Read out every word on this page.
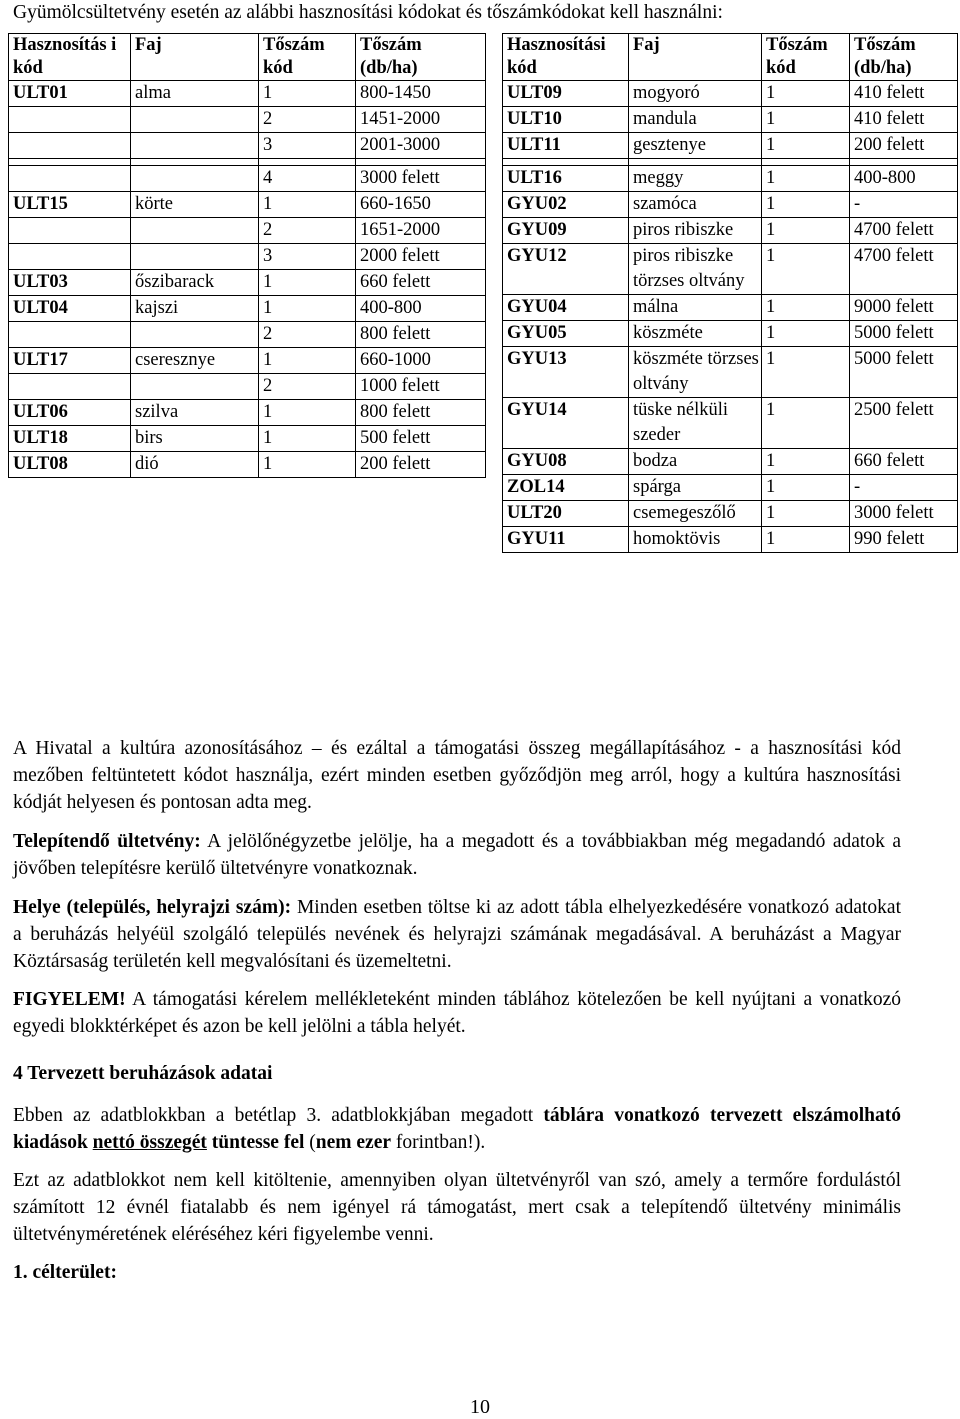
Gyümölcsültetvény esetén az alábbi hasznosítási kódokat és tőszámkódokat kell használni:
Hasznosítás i kód	Faj	Tőszám kód	Tőszám (db/ha)
ULT01	alma	1	800-1450
		2	1451-2000
		3	2001-3000

		4	3000 felett
ULT15	körte	1	660-1650
		2	1651-2000
		3	2000 felett
ULT03	őszibarack	1	660 felett
ULT04	kajszi	1	400-800
		2	800 felett
ULT17	cseresznye	1	660-1000
		2	1000 felett
ULT06	szilva	1	800 felett
ULT18	birs	1	500 felett
ULT08	dió	1	200 felett
Hasznosítási kód	Faj	Tőszám kód	Tőszám (db/ha)
ULT09	mogyoró	1	410 felett
ULT10	mandula	1	410 felett
ULT11	gesztenye	1	200 felett

ULT16	meggy	1	400-800
GYU02	szamóca	1	-
GYU09	piros ribiszke	1	4700 felett
GYU12	piros ribiszke törzses oltvány	1	4700 felett
GYU04	málna	1	9000 felett
GYU05	köszméte	1	5000 felett
GYU13	köszméte törzses oltvány	1	5000 felett
GYU14	tüske nélküli szeder	1	2500 felett
GYU08	bodza	1	660 felett
ZOL14	spárga	1	-
ULT20	csemegeszőlő	1	3000 felett
GYU11	homoktövis	1	990 felett
A Hivatal a kultúra azonosításához – és ezáltal a támogatási összeg megállapításához - a hasznosítási kód mezőben feltüntetett kódot használja, ezért minden esetben győződjön meg arról, hogy a kultúra hasznosítási kódját helyesen és pontosan adta meg.
Telepítendő ültetvény: A jelölőnégyzetbe jelölje, ha a megadott és a továbbiakban még megadandó adatok a jövőben telepítésre kerülő ültetvényre vonatkoznak.
Helye (település, helyrajzi szám): Minden esetben töltse ki az adott tábla elhelyezkedésére vonatkozó adatokat a beruházás helyéül szolgáló település nevének és helyrajzi számának megadásával. A beruházást a Magyar Köztársaság területén kell megvalósítani és üzemeltetni.
FIGYELEM! A támogatási kérelem mellékleteként minden táblához kötelezően be kell nyújtani a vonatkozó egyedi blokktérképet és azon be kell jelölni a tábla helyét.
4 Tervezett beruházások adatai
Ebben az adatblokkban a betétlap 3. adatblokkjában megadott táblára vonatkozó tervezett elszámolható kiadások nettó összegét tüntesse fel (nem ezer forintban!).
Ezt az adatblokkot nem kell kitöltenie, amennyiben olyan ültetvényről van szó, amely a termőre fordulástól számított 12 évnél fiatalabb és nem igényel rá támogatást, mert csak a telepítendő ültetvény minimális ültetvényméretének eléréséhez kéri figyelembe venni.
1. célterület:
10
